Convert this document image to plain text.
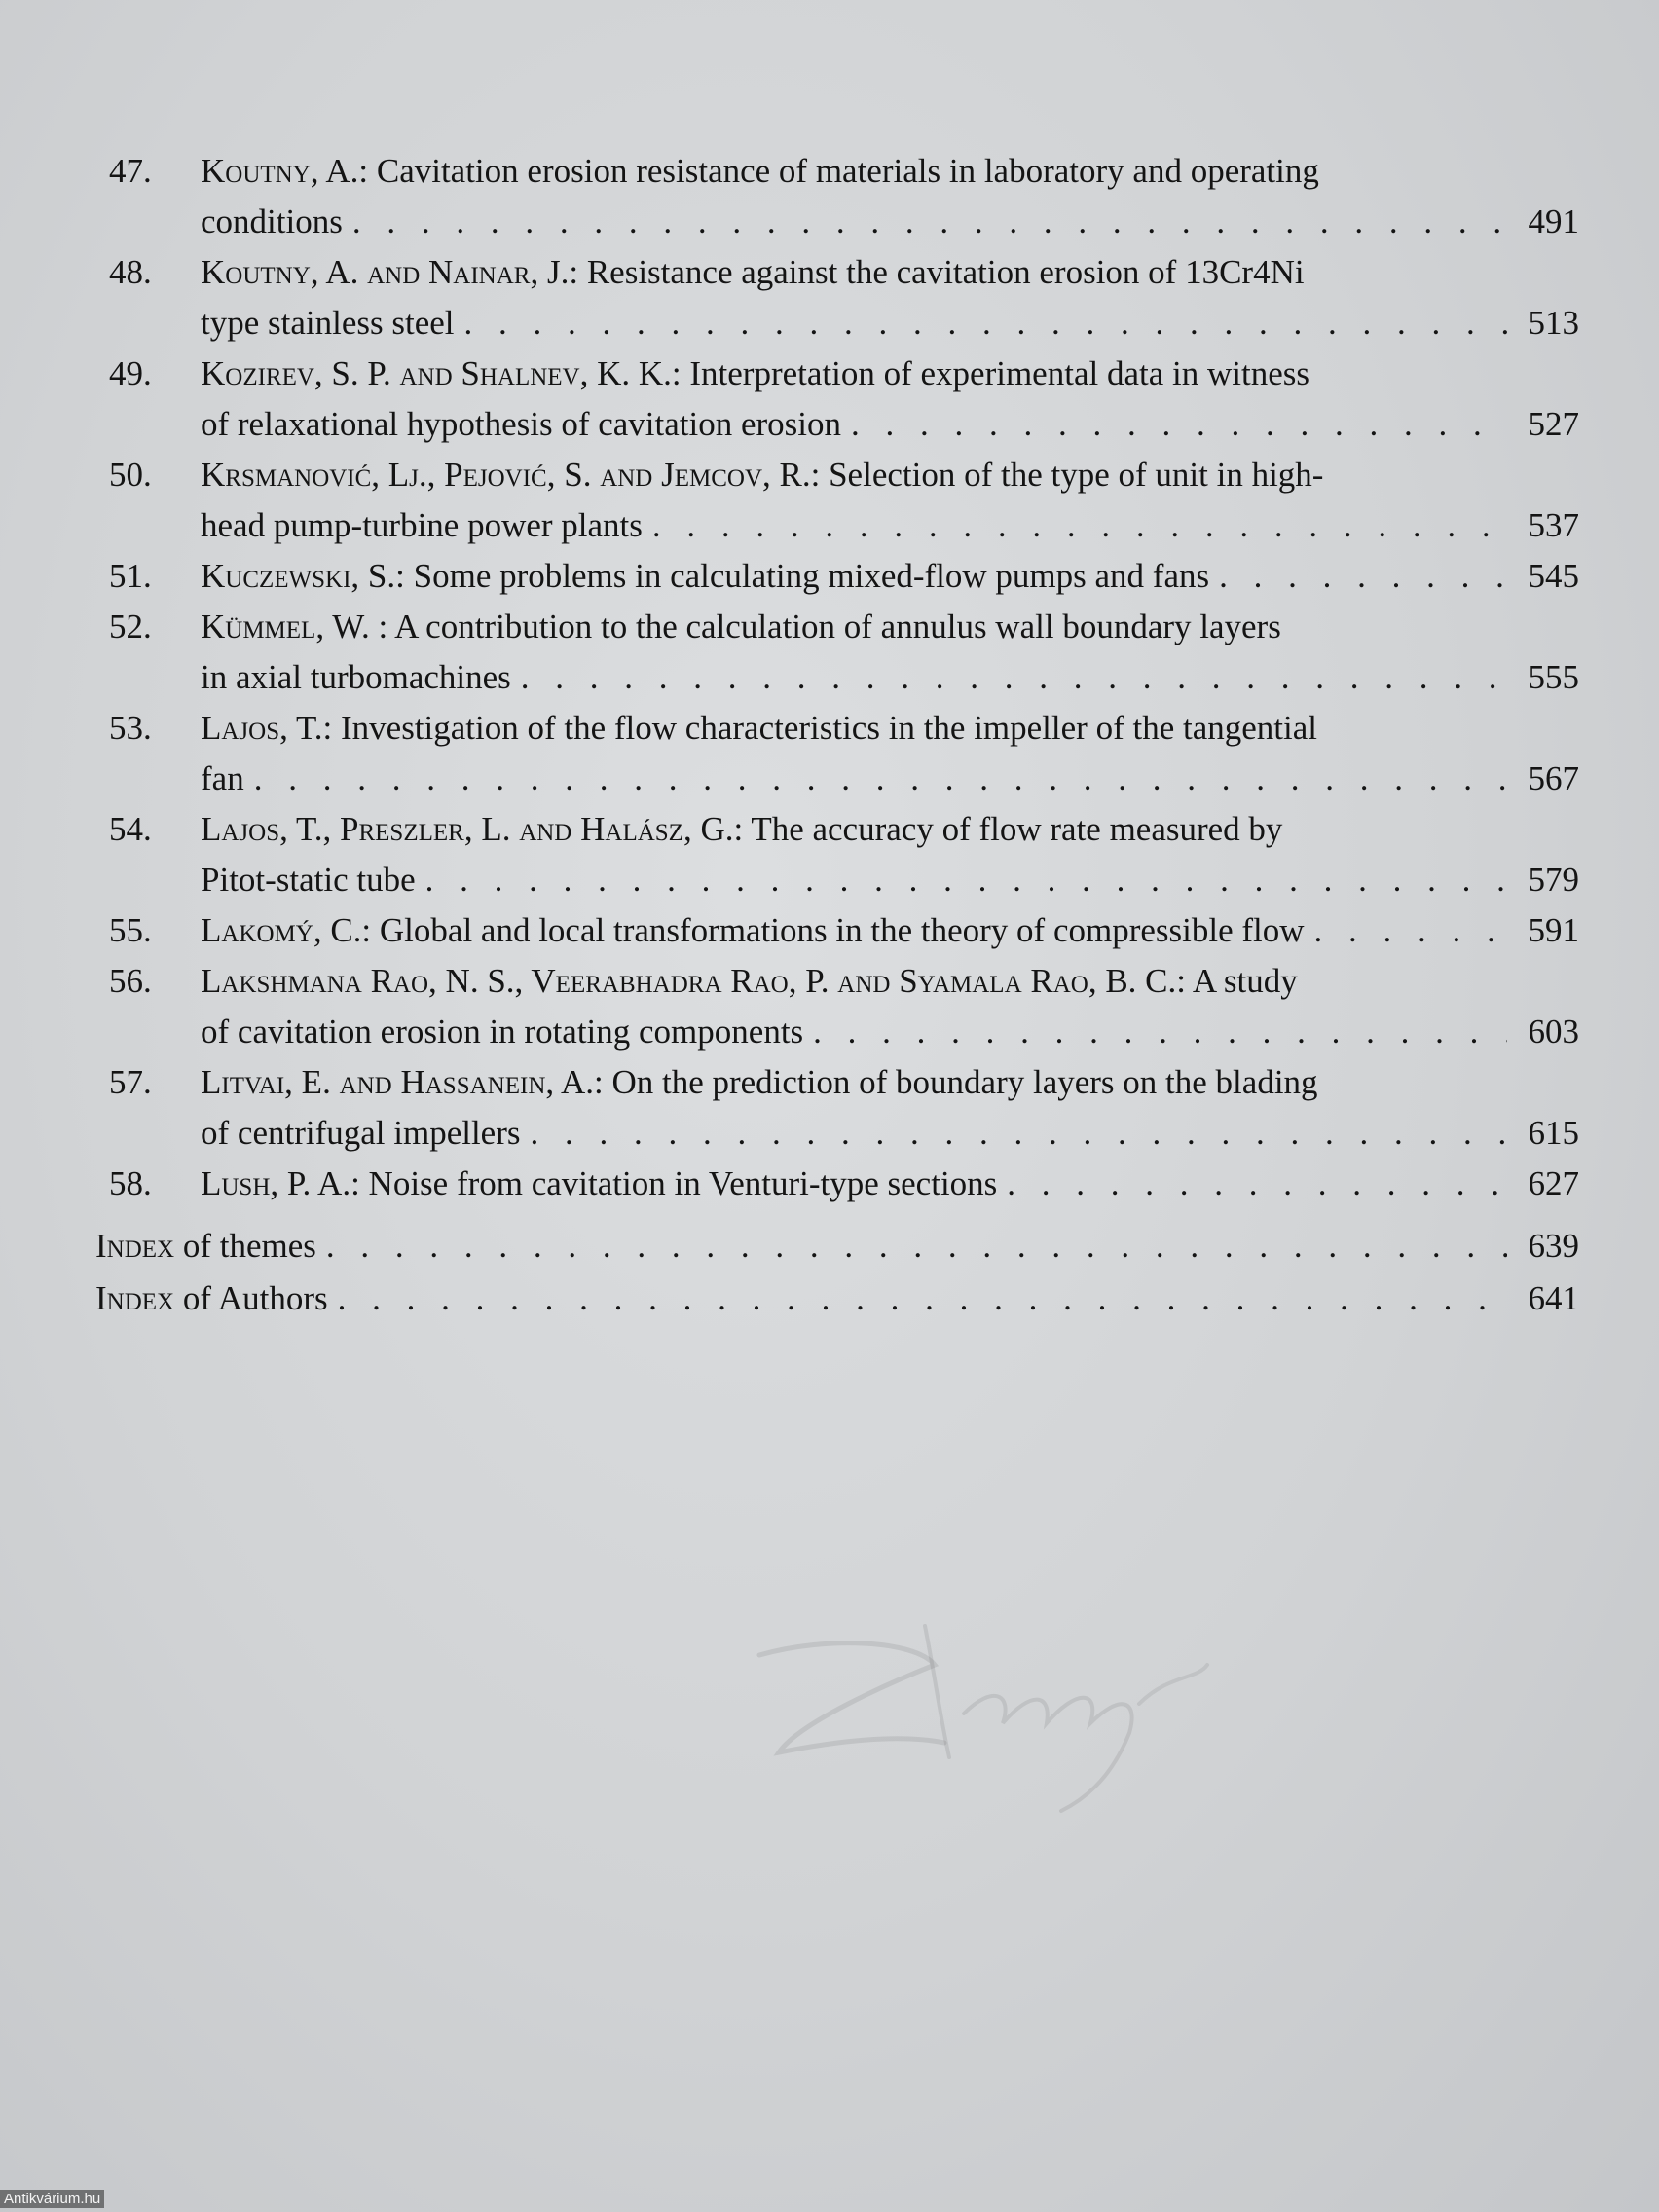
47.	Koutny, A.: Cavitation erosion resistance of materials in laboratory and operating
conditions . . .	491
48.	Koutny, A. and Nainar, J.: Resistance against the cavitation erosion of 13Cr4Ni
type stainless steel . . .	513
49.	Kozirev, S. P. and Shalnev, K. K.: Interpretation of experimental data in witness
of relaxational hypothesis of cavitation erosion . . .	527
50.	Krsmanović, Lj., Pejović, S. and Jemcov, R.: Selection of the type of unit in high-
head pump-turbine power plants . . .	537
51.	Kuczewski, S.: Some problems in calculating mixed-flow pumps and fans . . .	545
52.	Kümmel, W. : A contribution to the calculation of annulus wall boundary layers
in axial turbomachines . . .	555
53.	Lajos, T.: Investigation of the flow characteristics in the impeller of the tangential
fan . . .	567
54.	Lajos, T., Preszler, L. and Halász, G.: The accuracy of flow rate measured by
Pitot-static tube . . .	579
55.	Lakomý, C.: Global and local transformations in the theory of compressible flow . . .	591
56.	Lakshmana Rao, N. S., Veerabhadra Rao, P. and Syamala Rao, B. C.: A study
of cavitation erosion in rotating components . . .	603
57.	Litvai, E. and Hassanein, A.: On the prediction of boundary layers on the blading
of centrifugal impellers . . .	615
58.	Lush, P. A.: Noise from cavitation in Venturi-type sections . . .	627
Index of themes . . .	639
Index of Authors . . .	641
Antikvárium.hu
